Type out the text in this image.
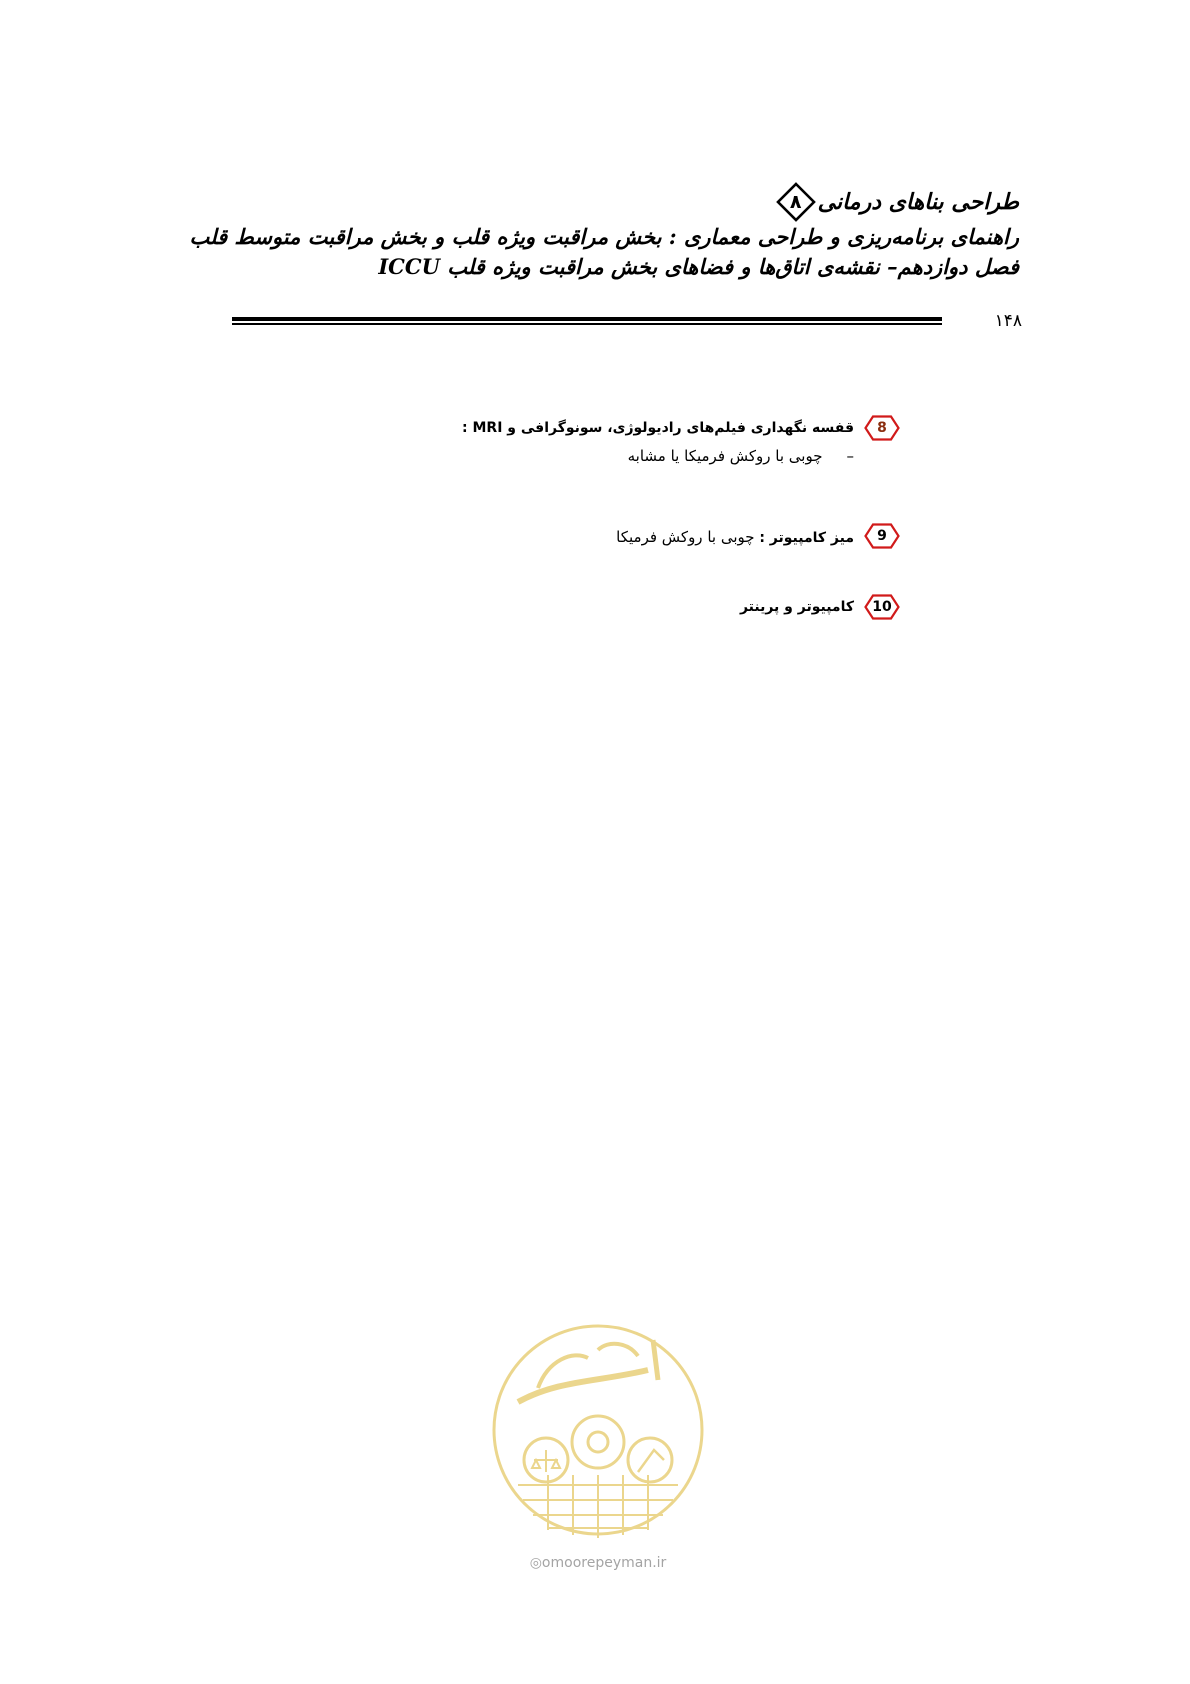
طراحی بناهای درمانی
۸
راهنمای برنامه‌ریزی و طراحی معماری : بخش مراقبت ویژه قلب و بخش مراقبت متوسط قلب
فصل دوازدهم– نقشه‌ی اتاق‌ها و فضاهای بخش مراقبت ویژه قلب ICCU
۱۴۸
8
قفسه نگهداری فیلم‌های رادیولوژی، سونوگرافی و MRI :
–
چوبی با روکش فرمیکا یا مشابه
9
میز کامپیوتر : چوبی با روکش فرمیکا
10
کامپیوتر و پرینتر
◎omoorepeyman.ir
